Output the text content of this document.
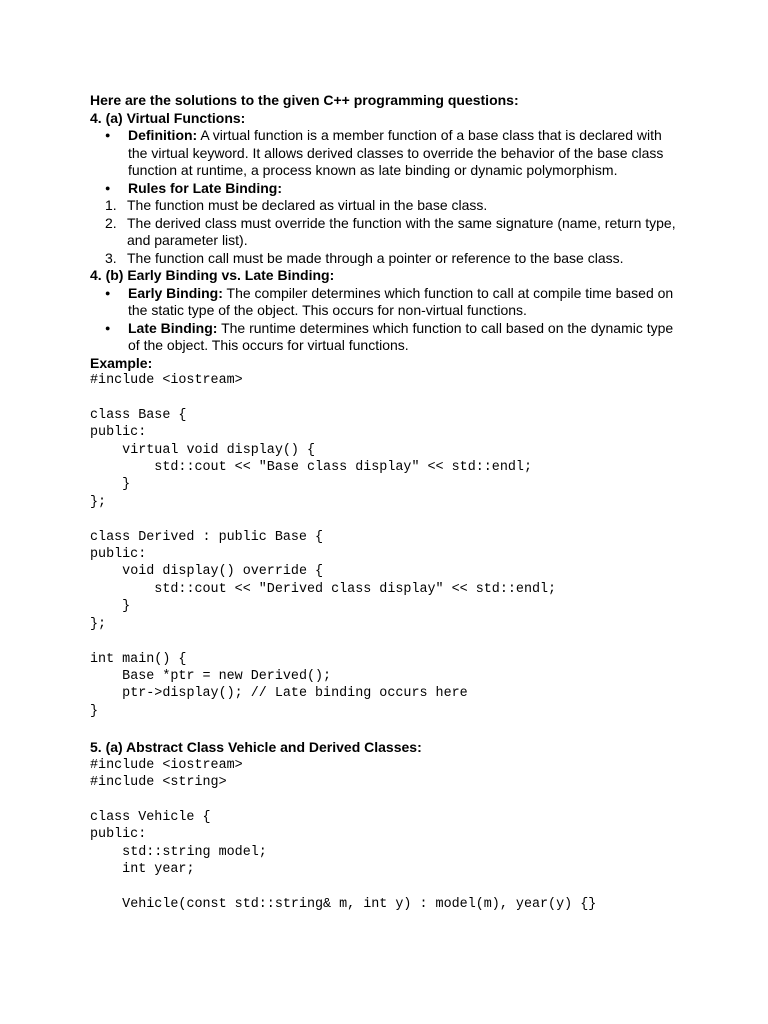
Here are the solutions to the given C++ programming questions:

4. (a) Virtual Functions:

● Definition: A virtual function is a member function of a base class that is declared with the virtual keyword. It allows derived classes to override the behavior of the base class function at runtime, a process known as late binding or dynamic polymorphism.
● Rules for Late Binding:
1. The function must be declared as virtual in the base class.
2. The derived class must override the function with the same signature (name, return type, and parameter list).
3. The function call must be made through a pointer or reference to the base class.

4. (b) Early Binding vs. Late Binding:

● Early Binding: The compiler determines which function to call at compile time based on the static type of the object. This occurs for non-virtual functions.
● Late Binding: The runtime determines which function to call based on the dynamic type of the object. This occurs for virtual functions.

Example:

#include <iostream>

class Base {
public:
virtual void display() {
std::cout << "Base class display" << std::endl;
}
};

class Derived : public Base {
public:
void display() override {
std::cout << "Derived class display" << std::endl;
}
};

int main() {
Base *ptr = new Derived();
ptr->display(); // Late binding occurs here
}

5. (a) Abstract Class Vehicle and Derived Classes:

#include <iostream>
#include <string>

class Vehicle {
public:
std::string model;
int year;

Vehicle(const std::string& m, int y) : model(m), year(y) {}
